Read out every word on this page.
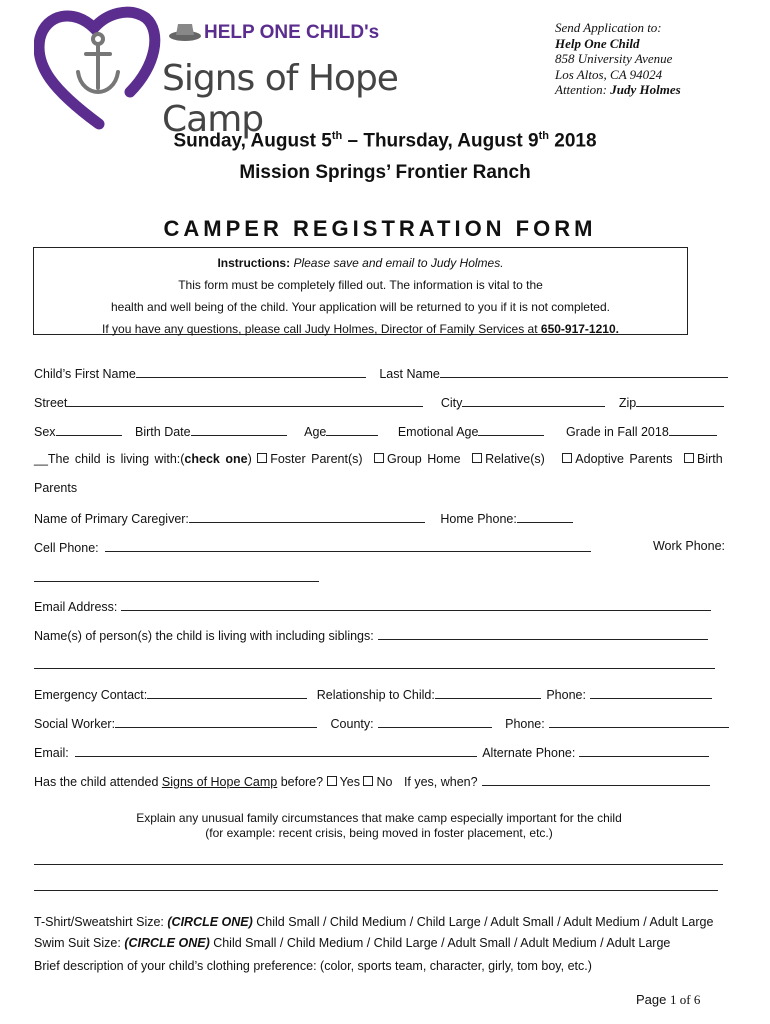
HELP ONE CHILD's
Signs of Hope Camp
Send Application to:
Help One Child
858 University Avenue
Los Altos, CA 94024
Attention: Judy Holmes
Sunday, August 5th – Thursday, August 9th 2018
Mission Springs’ Frontier Ranch
CAMPER REGISTRATION FORM
Instructions: Please save and email to Judy Holmes.
This form must be completely filled out. The information is vital to the
health and well being of the child. Your application will be returned to you if it is not completed.
If you have any questions, please call Judy Holmes, Director of Family Services at 650-917-1210.
Child’s First Name	Last Name
Street	City	Zip
Sex	Birth Date	Age	Emotional Age	Grade in Fall 2018
__The child is living with:(check one) Foster Parent(s) Group Home Relative(s) Adoptive Parents Birth
Parents
Name of Primary Caregiver:	Home Phone:
Cell Phone:	Work Phone:
Email Address:
Name(s) of person(s) the child is living with including siblings:
Emergency Contact:	Relationship to Child:	Phone:
Social Worker:	County:	Phone:
Email:	Alternate Phone:
Has the child attended Signs of Hope Camp before? Yes No If yes, when?
Explain any unusual family circumstances that make camp especially important for the child
(for example: recent crisis, being moved in foster placement, etc.)
T-Shirt/Sweatshirt Size: (CIRCLE ONE) Child Small / Child Medium / Child Large / Adult Small / Adult Medium / Adult Large
Swim Suit Size: (CIRCLE ONE) Child Small / Child Medium / Child Large / Adult Small / Adult Medium / Adult Large
Brief description of your child’s clothing preference: (color, sports team, character, girly, tom boy, etc.)
Page 1 of 6
